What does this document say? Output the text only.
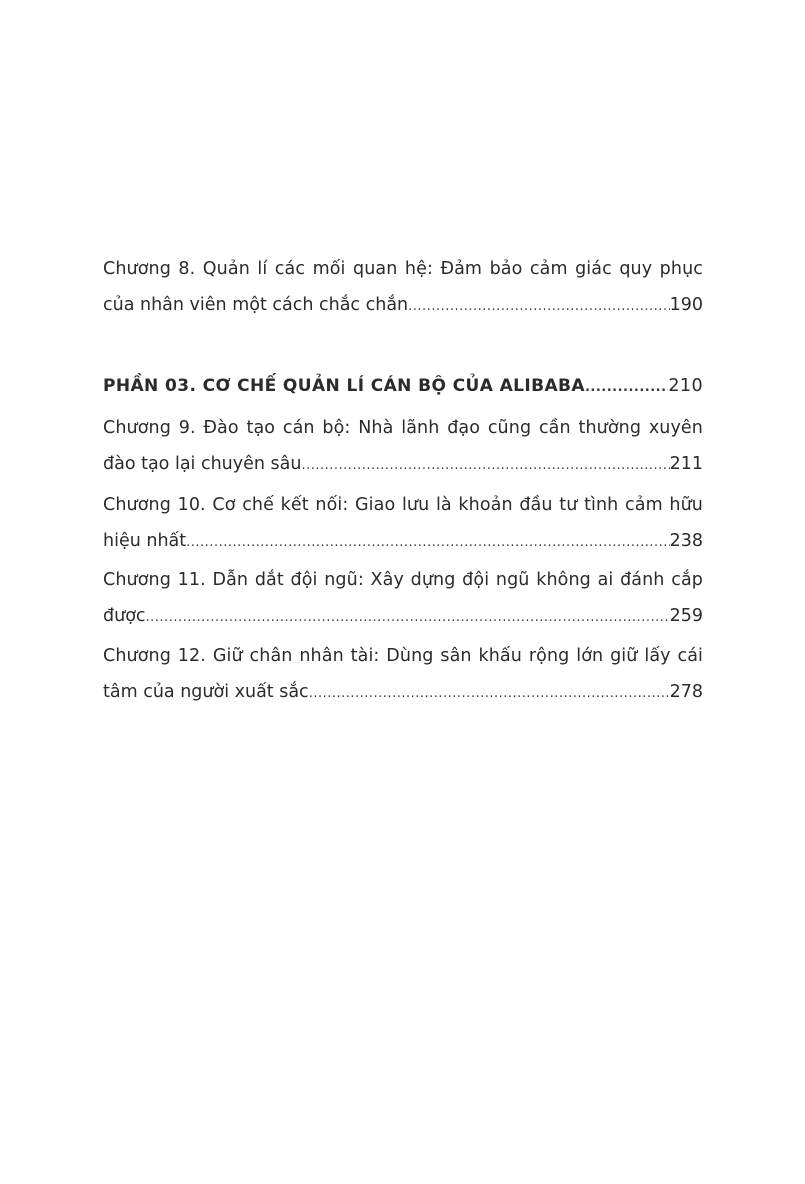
Chương 8. Quản lí các mối quan hệ: Đảm bảo cảm giác quy phục
của nhân viên một cách chắc chắn .....	190
PHẦN 03. CƠ CHẾ QUẢN LÍ CÁN BỘ CỦA ALIBABA .....	210
Chương 9. Đào tạo cán bộ: Nhà lãnh đạo cũng cần thường xuyên
đào tạo lại chuyên sâu .....	211
Chương 10. Cơ chế kết nối: Giao lưu là khoản đầu tư tình cảm hữu
hiệu nhất .....	238
Chương 11. Dẫn dắt đội ngũ: Xây dựng đội ngũ không ai đánh cắp
được .....	259
Chương 12. Giữ chân nhân tài: Dùng sân khấu rộng lớn giữ lấy cái
tâm của người xuất sắc .....	278
